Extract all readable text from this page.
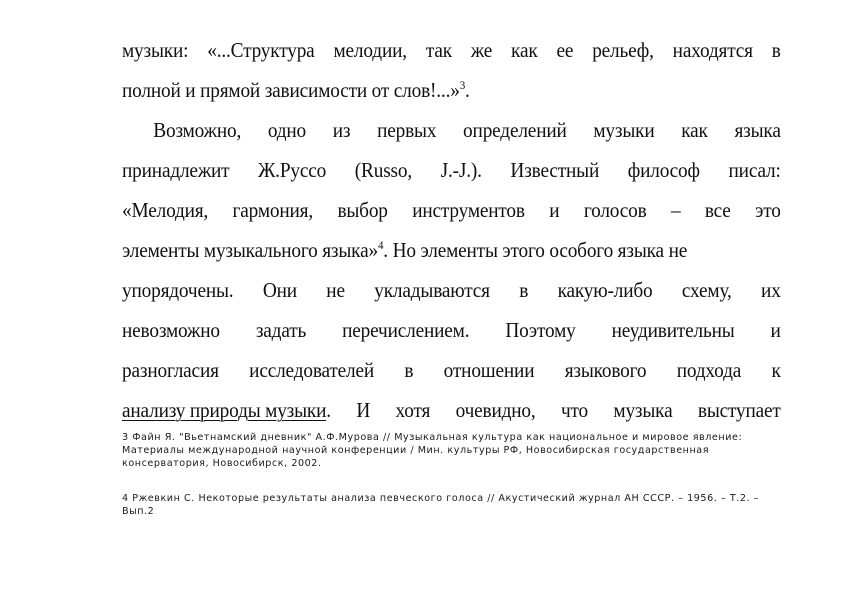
музыки: «...Структура мелодии, так же как ее рельеф, находятся в
полной и прямой зависимости от слов!...»$^3$.
Возможно, одно из первых определений музыки как языка
принадлежит Ж.Руссо (Russo, J.-J.). Известный философ писал:
«Мелодия, гармония, выбор инструментов и голосов – все это
элементы музыкального языка»$^4$. Но элементы этого особого языка не
упорядочены. Они не укладываются в какую-либо схему, их
невозможно задать перечислением. Поэтому неудивительны и
разногласия исследователей в отношении языкового подхода к
анализу природы музыки. И хотя очевидно, что музыка выступает

3 Файн Я. "Вьетнамский дневник" А.Ф.Мурова // Музыкальная культура как национальное и мировое явление: Материалы международной научной конференции / Мин. культуры РФ, Новосибирская государственная консерватория, Новосибирск, 2002.

4 Ржевкин С. Некоторые результаты анализа певческого голоса // Акустический журнал АН СССР. – 1956. – Т.2. – Вып.2
